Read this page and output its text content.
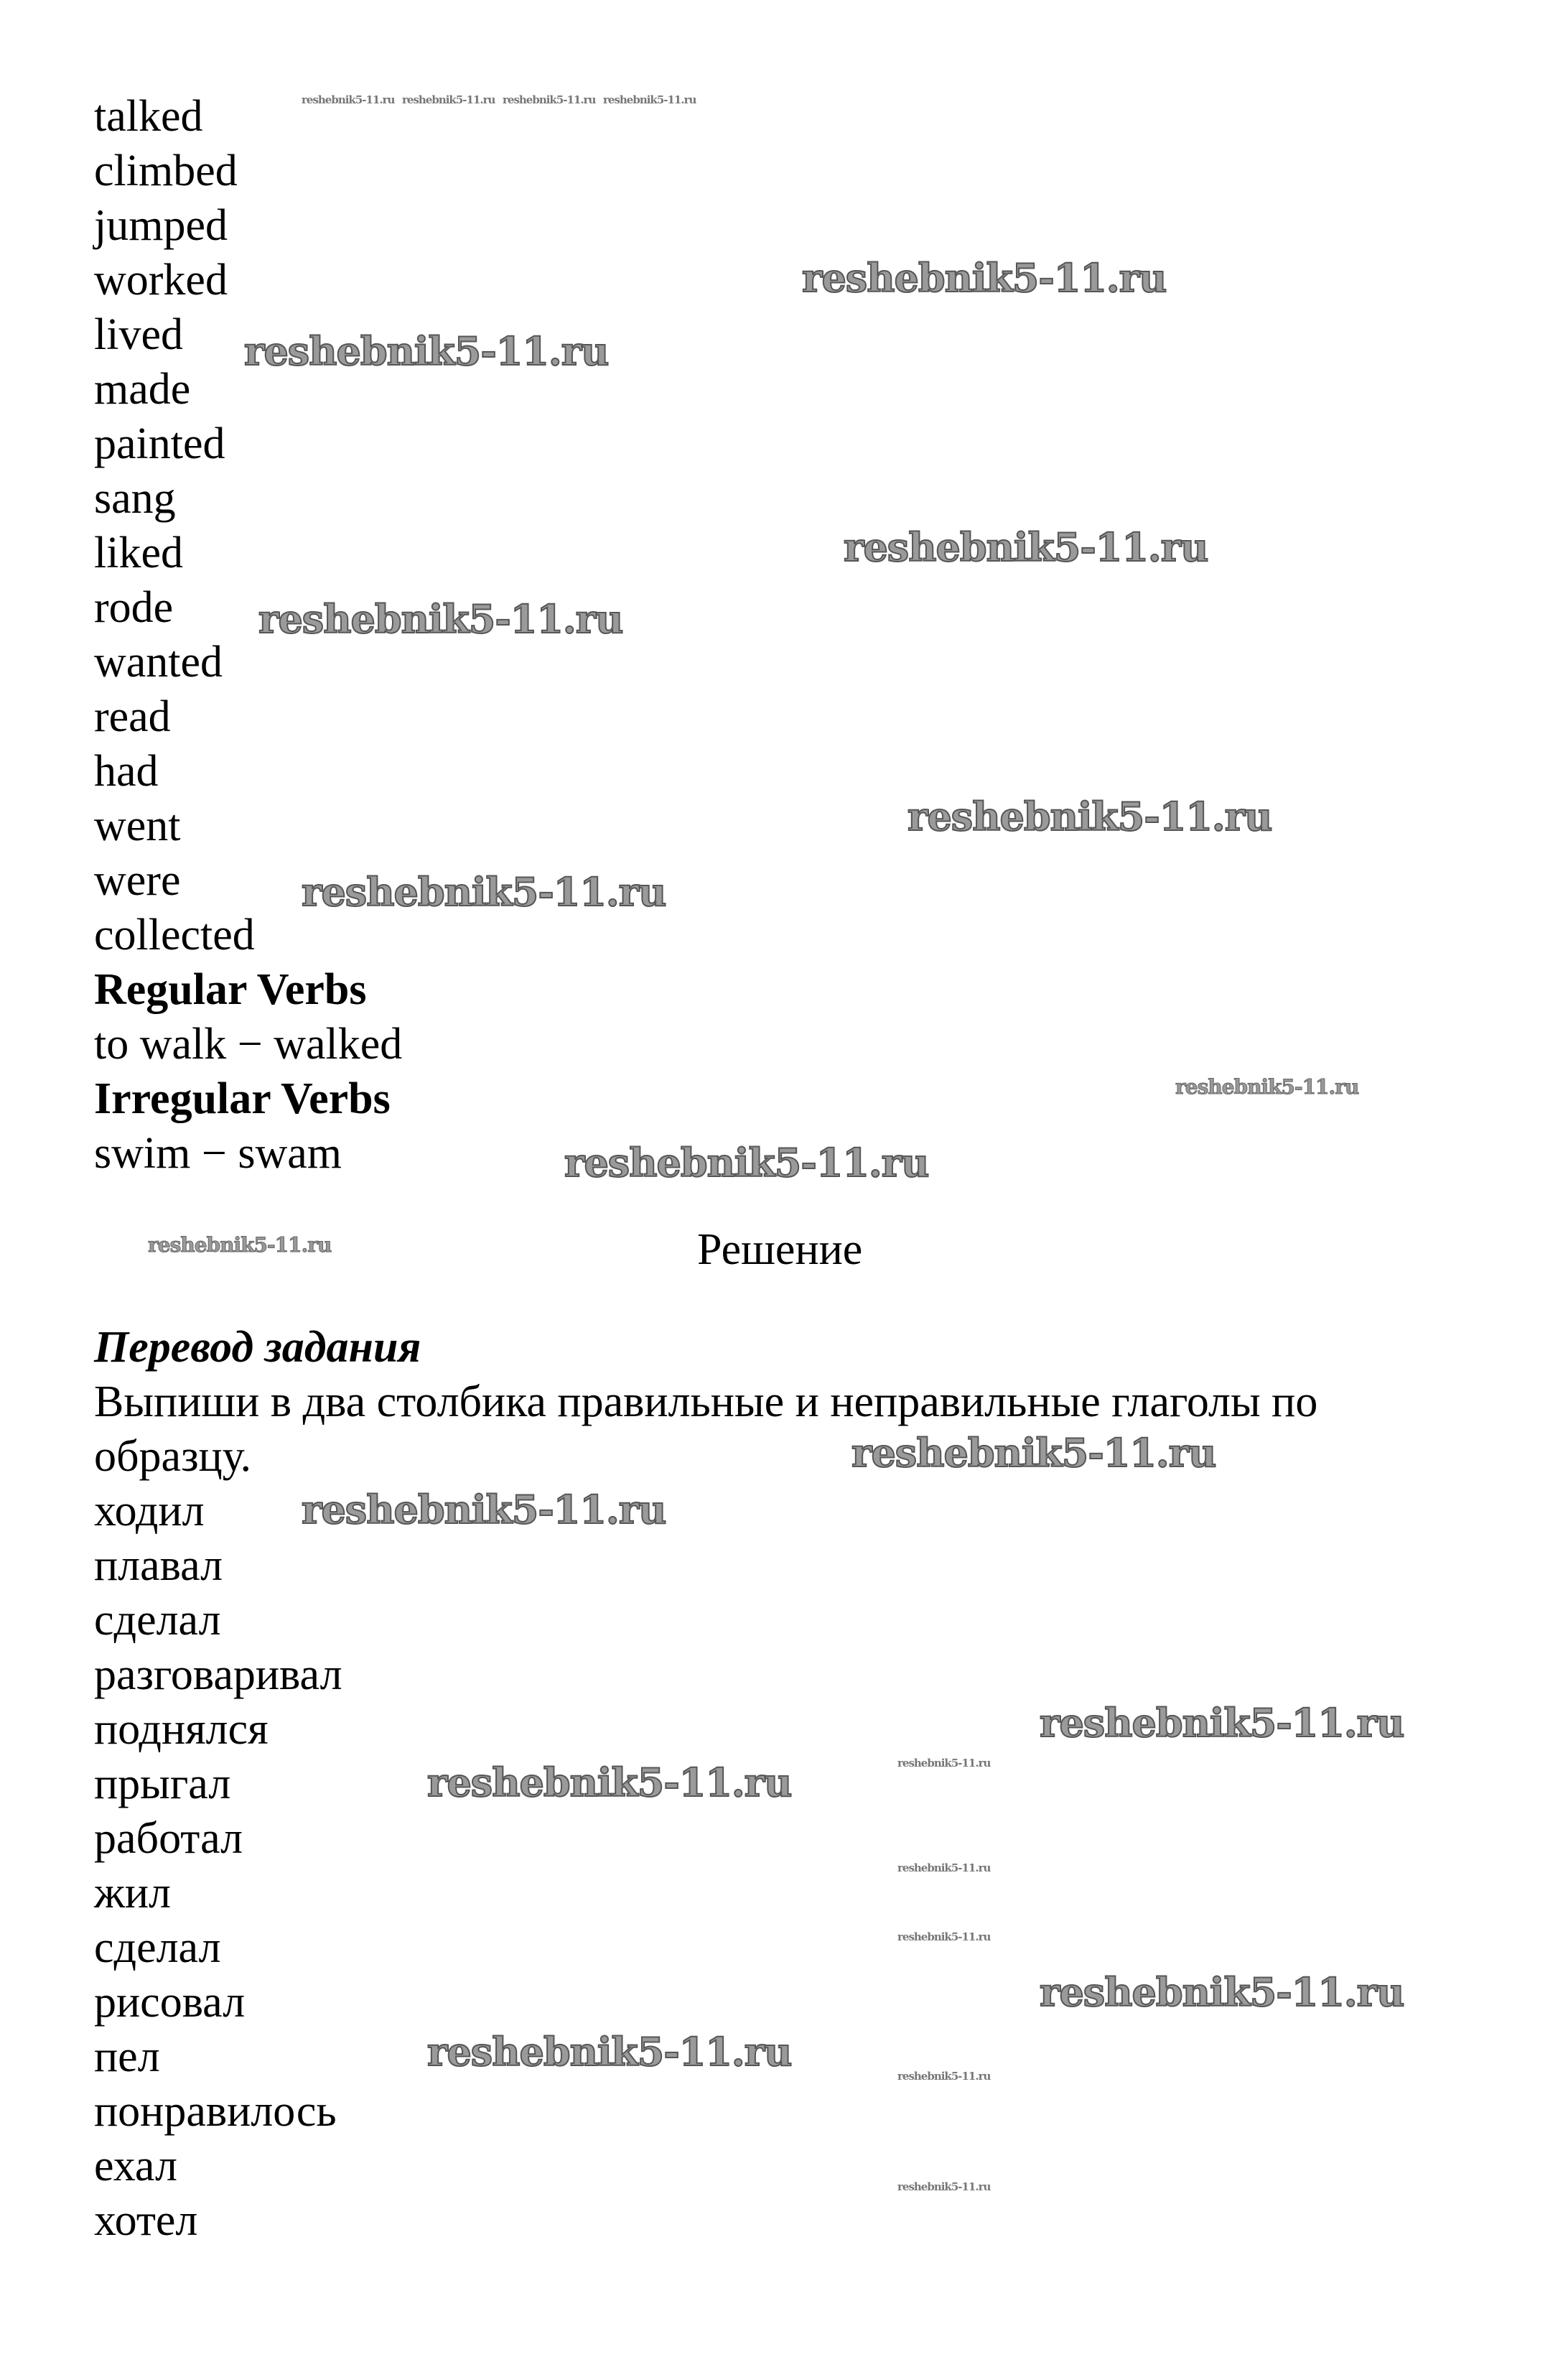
talked
climbed
jumped
worked
lived
made
painted
sang
liked
rode
wanted
read
had
went
were
collected
Regular Verbs
to walk − walked
Irregular Verbs
swim − swam
Решение
Перевод задания
Выпиши в два столбика правильные и неправильные глаголы по
образцу.
ходил
плавал
сделал
разговаривал
поднялся
прыгал
работал
жил
сделал
рисовал
пел
понравилось
ехал
хотел
reshebnik5-11.ru
reshebnik5-11.ru
reshebnik5-11.ru
reshebnik5-11.ru
reshebnik5-11.ru
reshebnik5-11.ru
reshebnik5-11.ru
reshebnik5-11.ru
reshebnik5-11.ru
reshebnik5-11.ru
reshebnik5-11.ru
reshebnik5-11.ru
reshebnik5-11.ru
reshebnik5-11.ru
reshebnik5-11.ru
reshebnik5-11.ru reshebnik5-11.ru reshebnik5-11.ru reshebnik5-11.ru
reshebnik5-11.ru
reshebnik5-11.ru
reshebnik5-11.ru
reshebnik5-11.ru
reshebnik5-11.ru
